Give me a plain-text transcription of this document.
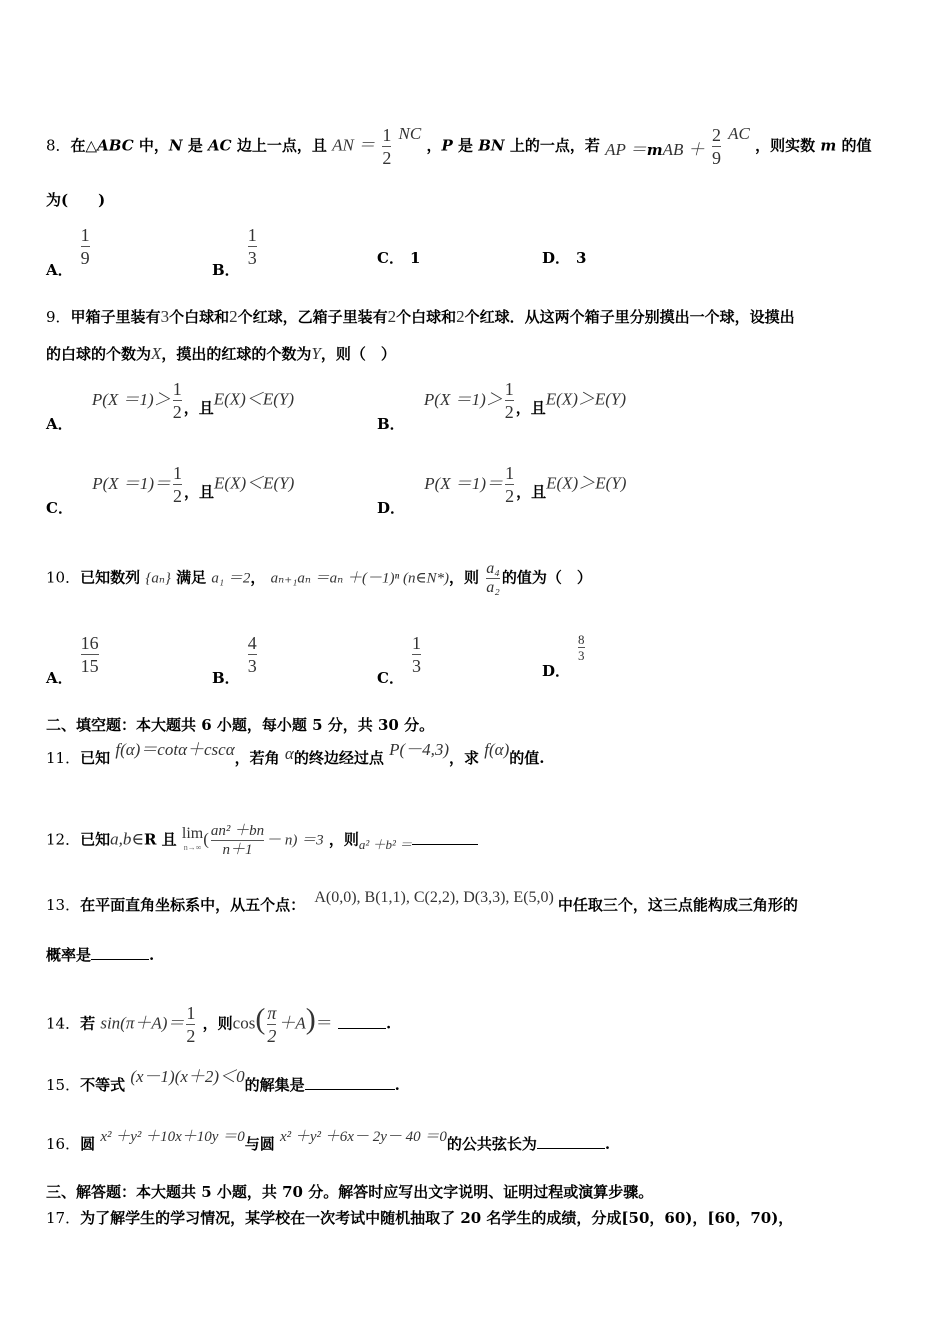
8．在△ABC 中，N 是 AC 边上一点，且 AN ＝ $\frac{1}{2}$ NC ，P 是 BN 上的一点，若 AP $=mAB + \frac{2}{9}$ AC ，则实数 m 的值
为(　　)
A．
$\frac{1}{9}$
B．
$\frac{1}{3}$	C． 1	D． 3
9．甲箱子里装有3个白球和2个红球，乙箱子里装有2个白球和2个红球．从这两个箱子里分别摸出一个球，设摸出
的白球的个数为X，摸出的红球的个数为Y，则（　）
A． $P(X =1)> \frac{1}{2}$ ，且E(X)＜E(Y)
B． $P(X =1)> \frac{1}{2}$ ，且E(X)＞E(Y)
C． $P(X =1)= \frac{1}{2}$ ，且E(X)＜E(Y)
D． $P(X =1)= \frac{1}{2}$ ，且E(X)＞E(Y)
10．已知数列 {aₙ} 满足 a₁ ＝2， aₙ₊₁aₙ ＝aₙ ＋(－1)ⁿ (n∈N*)，则 $\frac{\text{a₄}}{\text{a₂}}$ 的值为（　）
A．
$\frac{16}{15}$
B．
$\frac{4}{3}$
C．
$\frac{1}{3}$	D．
$\frac{8}{3}$
二、填空题：本大题共 6 小题，每小题 5 分，共 30 分。
11．已知 f(α)＝cotα＋cscα，若角 α的终边经过点 P(－4,3)，求 f(α)的值.
12．已知a,b∈R 且 lim
n→∞ ( $\frac{\text{an² ＋bn}}{n+1} - n) =3$ ，则a² ＋b² ＝
13．在平面直角坐标系中，从五个点： A(0,0), B(1,1), C(2,2), D(3,3), E(5,0) 中任取三个，这三点能构成三角形的
概率是	.
14．若 $\sin(\pi+A)= \frac{1}{2}$ ，则$\cos( \frac{\pi}{2} +A)=$	.
15．不等式 (x－1)(x＋2)＜0的解集是	.
16．圆 x² ＋y² ＋10x＋10y ＝0与圆 x² ＋y² ＋6x－ 2y－ 40 ＝0的公共弦长为	.
三、解答题：本大题共 5 小题，共 70 分。解答时应写出文字说明、证明过程或演算步骤。
17．为了解学生的学习情况，某学校在一次考试中随机抽取了 20 名学生的成绩，分成[50，60)，[60，70)，
